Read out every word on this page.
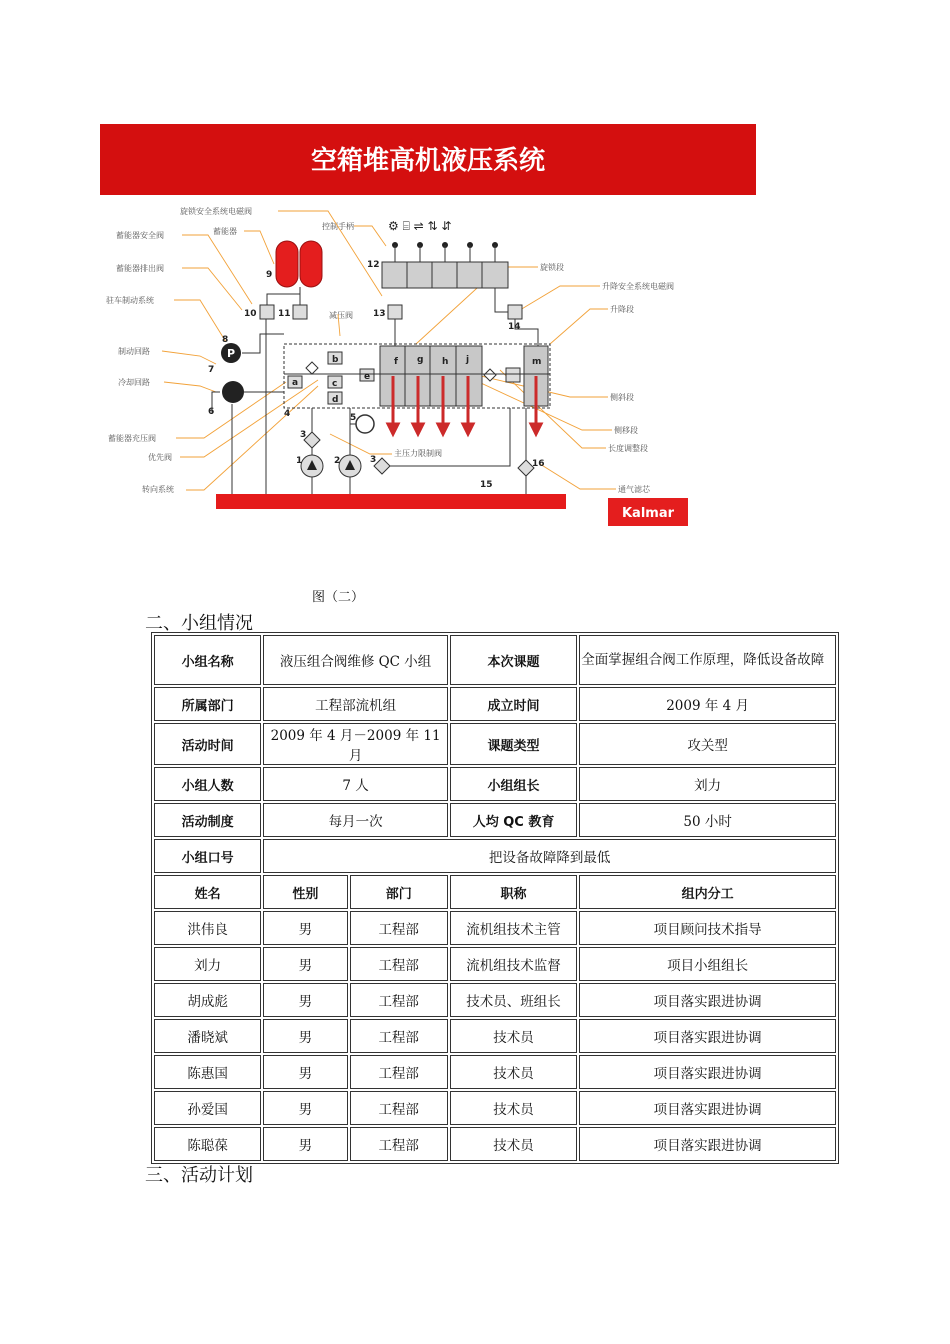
空箱堆高机液压系统
蓄能器安全阀
蓄能器排出阀
驻车制动系统
制动回路
冷却回路
蓄能器充压阀
优先阀
转向系统
旋锁安全系统电磁阀
蓄能器
控制手柄
减压阀
旋锁段
升降安全系统电磁阀
升降段
侧斜段
侧移段
长度调整段
通气滤芯
主压力限制阀
⚙ ⌸ ⇌ ⇅ ⇵
a
b
c
d
e
f g h j	m
P
1	2
3
3
4	5
6
7
8
9
10 11
12
13
14
15
16
Kalmar
图（二）
二、小组情况
小组名称	液压组合阀维修 QC 小组		本次课题	全面掌握组合阀工作原理，降低设备故障
所属部门	工程部流机组		成立时间	2009 年 4 月
活动时间	2009 年 4 月－2009 年 11 月		课题类型	攻关型
小组人数	7 人		小组组长	刘力
活动制度	每月一次		人均 QC 教育	50 小时
小组口号	把设备故障降到最低			
姓名	性别	部门	职称	组内分工
洪伟良	男	工程部	流机组技术主管	项目顾问技术指导
刘力	男	工程部	流机组技术监督	项目小组组长
胡成彪	男	工程部	技术员、班组长	项目落实跟进协调
潘晓斌	男	工程部	技术员	项目落实跟进协调
陈惠国	男	工程部	技术员	项目落实跟进协调
孙爱国	男	工程部	技术员	项目落实跟进协调
陈聪葆	男	工程部	技术员	项目落实跟进协调
三、活动计划
